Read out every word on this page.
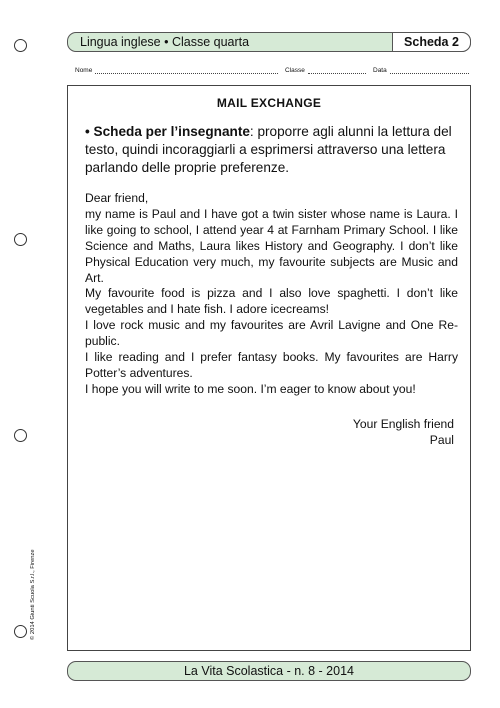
Lingua inglese • Classe quarta	Scheda 2
Nome	Classe	Data
MAIL EXCHANGE
• Scheda per l’insegnante: proporre agli alunni la lettura del testo, quindi incoraggiarli a esprimersi attraverso una lettera parlando delle proprie preferenze.

Dear friend,

my name is Paul and I have got a twin sister whose name is Laura. I like going to school, I attend year 4 at Farnham Primary School. I like Science and Maths, Laura likes History and Geography. I don’t like Physical Education very much, my favourite subjects are Music and Art.

My favourite food is pizza and I also love spaghetti. I don’t like vegetables and I hate fish. I adore icecreams!

I love rock music and my favourites are Avril Lavigne and One Re-public.

I like reading and I prefer fantasy books. My favourites are Harry Potter’s adventures.

I hope you will write to me soon. I’m eager to know about you!

Your English friend
Paul
© 2014 Giunti Scuola S.r.l., Firenze
La Vita Scolastica - n. 8 - 2014
